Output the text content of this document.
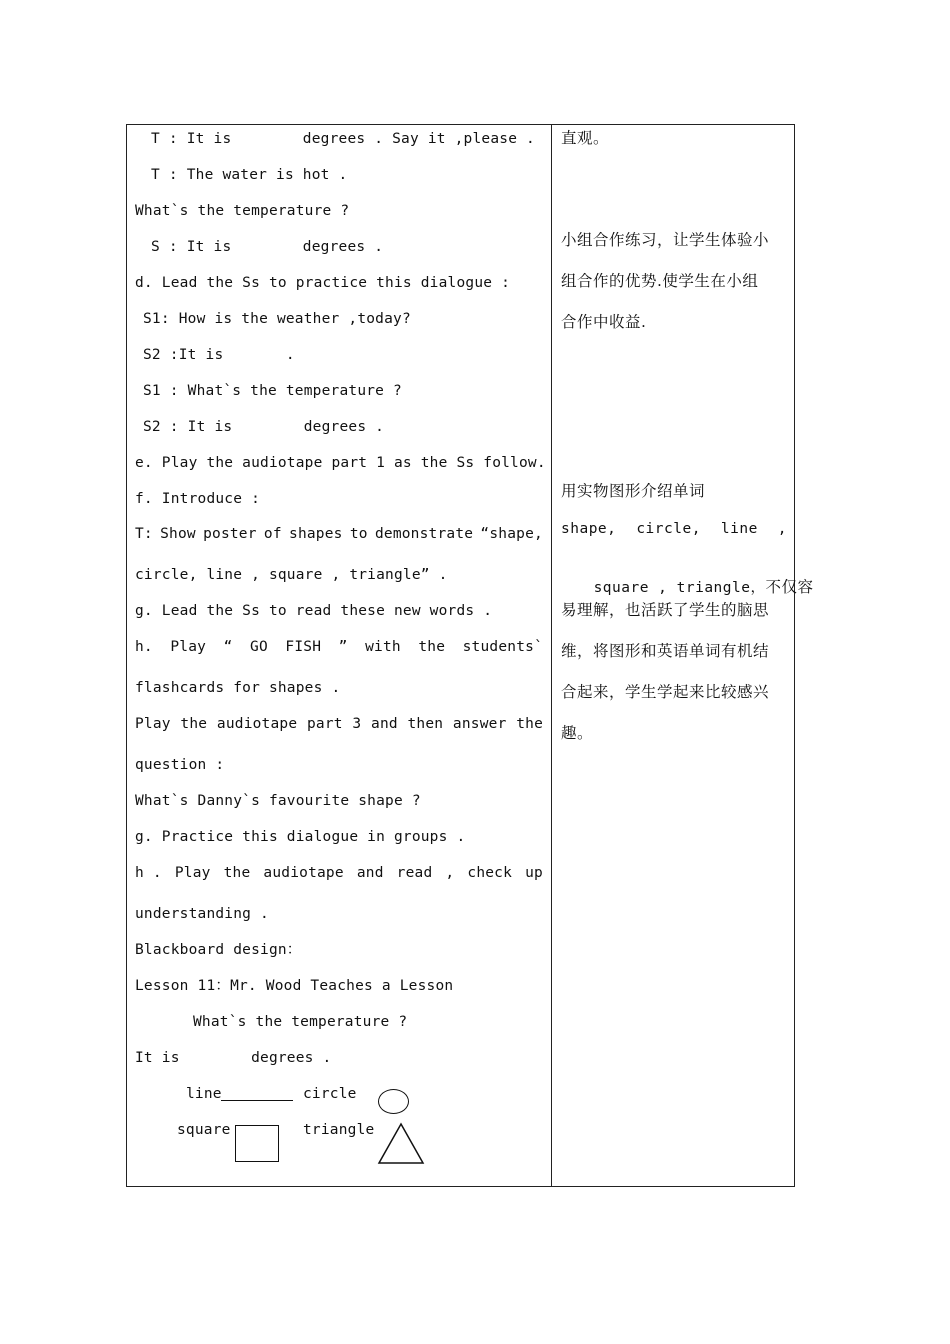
T : It is        degrees . Say it ,please .
T : The water is hot .
What`s the temperature ?
S : It is        degrees .
d. Lead the Ss to practice this dialogue :
S1: How is the weather ,today?
S2 :It is       .
S1 : What`s the temperature ?
S2 : It is        degrees .
e. Play the audiotape part 1 as the Ss follow.
f. Introduce :
T: Show poster of shapes to demonstrate “shape,
circle, line , square , triangle” .
g. Lead the Ss to read these new words .
h. Play “ GO FISH ” with the students`
flashcards for shapes .
Play the audiotape part 3 and then answer the
question :
What`s Danny`s favourite shape ?
g. Practice this dialogue in groups .
h . Play the audiotape and read , check up
understanding .
Blackboard design：
Lesson 11：Mr. Wood Teaches a Lesson
What`s the temperature ?
It is        degrees .
line	circle
square	triangle
直观。
小组合作练习，让学生体验小
组合作的优势.使学生在小组
合作中收益.
用实物图形介绍单词
shape, circle, line ,

square , triangle，不仅容

易理解，也活跃了学生的脑思
维，将图形和英语单词有机结
合起来，学生学起来比较感兴
趣。
